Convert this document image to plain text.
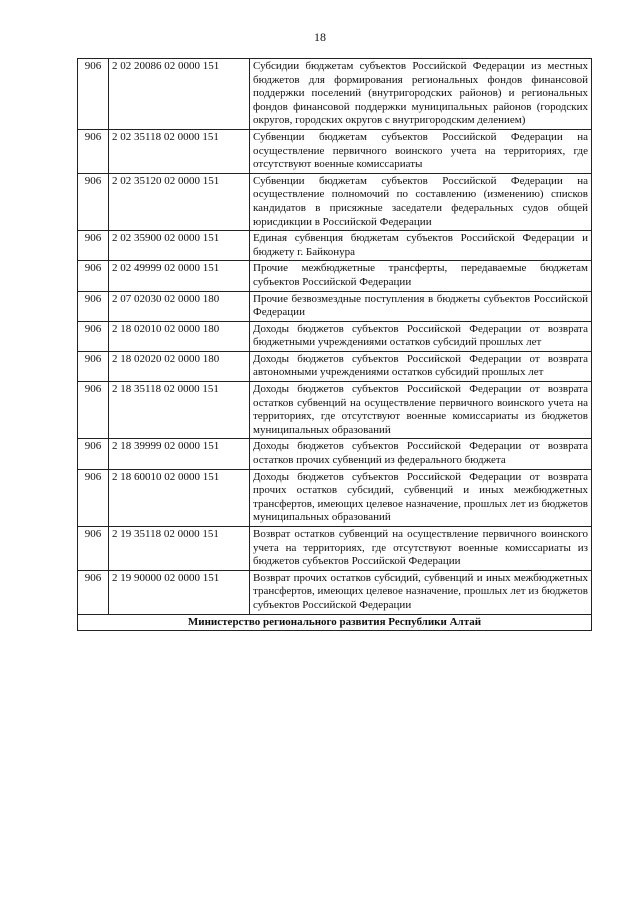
18
906	2 02 20086 02 0000 151	Субсидии бюджетам субъектов Российской Федерации из местных бюджетов для формирования региональных фондов финансовой поддержки поселений (внутригородских районов) и региональных фондов финансовой поддержки муниципальных районов (городских округов, городских округов с внутригородским делением)
906	2 02 35118 02 0000 151	Субвенции бюджетам субъектов Российской Федерации на осуществление первичного воинского учета на территориях, где отсутствуют военные комиссариаты
906	2 02 35120 02 0000 151	Субвенции бюджетам субъектов Российской Федерации на осуществление полномочий по составлению (изменению) списков кандидатов в присяжные заседатели федеральных судов общей юрисдикции в Российской Федерации
906	2 02 35900 02 0000 151	Единая субвенция бюджетам субъектов Российской Федерации и бюджету г. Байконура
906	2 02 49999 02 0000 151	Прочие межбюджетные трансферты, передаваемые бюджетам субъектов Российской Федерации
906	2 07 02030 02 0000 180	Прочие безвозмездные поступления в бюджеты субъектов Российской Федерации
906	2 18 02010 02 0000 180	Доходы бюджетов субъектов Российской Федерации от возврата бюджетными учреждениями остатков субсидий прошлых лет
906	2 18 02020 02 0000 180	Доходы бюджетов субъектов Российской Федерации от возврата автономными учреждениями остатков субсидий прошлых лет
906	2 18 35118 02 0000 151	Доходы бюджетов субъектов Российской Федерации от возврата остатков субвенций на осуществление первичного воинского учета на территориях, где отсутствуют военные комиссариаты из бюджетов муниципальных образований
906	2 18 39999 02 0000 151	Доходы бюджетов субъектов Российской Федерации от возврата остатков прочих субвенций из федерального бюджета
906	2 18 60010 02 0000 151	Доходы бюджетов субъектов Российской Федерации от возврата прочих остатков субсидий, субвенций и иных межбюджетных трансфертов, имеющих целевое назначение, прошлых лет из бюджетов муниципальных образований
906	2 19 35118 02 0000 151	Возврат остатков субвенций на осуществление первичного воинского учета на территориях, где отсутствуют военные комиссариаты из бюджетов субъектов Российской Федерации
906	2 19 90000 02 0000 151	Возврат прочих остатков субсидий, субвенций и иных межбюджетных трансфертов, имеющих целевое назначение, прошлых лет из бюджетов субъектов Российской Федерации
Министерство регионального развития Республики Алтай		
